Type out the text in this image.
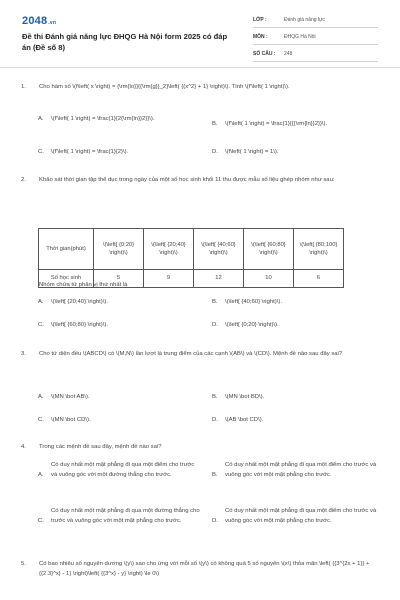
2048.vn
Đề thi Đánh giá năng lực ĐHQG Hà Nội form 2025 có đáp án (Đề số 8)
LỚP :	Đánh giá năng lực
MÔN :	ĐHQG Hà Nội
SỐ CÂU : 248
1. Cho hàm số \(f\left( x \right) = {\rm{lo}}{{\rm{g}}_2}\left( {(x^2} + 1} \right)\). Tính \(f'\left( 1 \right)\).
A. \(f'\left( 1 \right) = \frac{1}{2{\rm{ln}}2}}\).
B. \(f'\left( 1 \right) = \frac{1}{{{\rm{ln}}2}}\).
C. \(f'\left( 1 \right) = \frac{1}{2}\).	D. \(f\left( 1 \right) = 1\).
2. Khảo sát thời gian tập thể dục trong ngày của một số học sinh khối 11 thu được mẫu số liệu ghép nhóm như sau:
Thời gian(phút)	\(\left[ {0;20} \right)\)	\(\left[ {20;40} \right)\)	\(\left[ {40;60} \right)\)	\(\left[ {60;80} \right)\)	\(\left[ {80;100} \right)\)
Số học sinh	5	9	12	10	6
Nhóm chứa tứ phân vị thứ nhất là
A. \(\left[ {20;40} \right)\).	B. \(\left[ {40;60} \right)\).
C. \(\left[ {60;80} \right)\).	D. \(\left[ {0;20} \right)\).
3. Cho tứ diện đều \(ABCD\) có \(M,N\) lần lượt là trung điểm của các cạnh \(AB\) và \(CD\). Mệnh đề nào sau đây sai?
A. \(MN \bot AB\).	B. \(MN \bot BD\).
C. \(MN \bot CD\).	D. \(AB \bot CD\).
4. Trong các mệnh đề sau đây, mệnh đề nào sai?
A.
Có duy nhất một mặt phẳng đi qua một điểm cho trước và vuông góc với một đường thẳng cho trước.	B.
Có duy nhất một mặt phẳng đi qua một điểm cho trước và vuông góc với một mặt phẳng cho trước.
C.
Có duy nhất một mặt phẳng đi qua một đường thẳng cho trước và vuông góc với một mặt phẳng cho trước.	D.
Có duy nhất một mặt phẳng đi qua một điểm cho trước và vuông góc với một mặt phẳng cho trước.
5. Có bao nhiêu số nguyên dương \(y\) sao cho ứng với mỗi số \(y\) có không quá 5 số nguyên \(x\) thỏa mãn \left( {{3^{2x + 1}} + {{2.3}^x} - 1} \right)\left( {{3^x} - y} \right) \le 0\)
